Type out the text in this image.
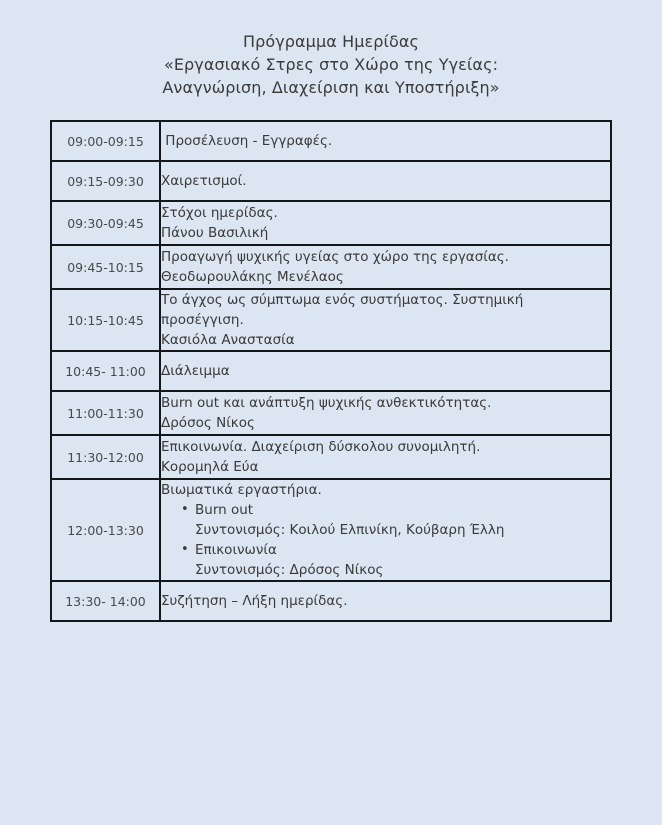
Πρόγραμμα Ημερίδας
«Εργασιακό Στρες στο Χώρο της Υγείας:
Αναγνώριση, Διαχείριση και Υποστήριξη»
09:00-09:15	Προσέλευση - Εγγραφές.

09:15-09:30	Χαιρετισμοί.

09:30-09:45	Στόχοι ημερίδας.
Πάνου Βασιλική

09:45-10:15	Προαγωγή ψυχικής υγείας στο χώρο της εργασίας.
Θεοδωρουλάκης Μενέλαος

10:15-10:45	Το άγχος ως σύμπτωμα ενός συστήματος. Συστημική προσέγγιση.
Κασιόλα Αναστασία

10:45- 11:00	Διάλειμμα

11:00-11:30	Burn out και ανάπτυξη ψυχικής ανθεκτικότητας.
Δρόσος Νίκος

11:30-12:00	Επικοινωνία. Διαχείριση δύσκολου συνομιλητή.
Κορομηλά Εύα

12:00-13:30	
Βιωματικά εργαστήρια.
• Burn out
Συντονισμός: Κοιλού Ελπινίκη, Κούβαρη Έλλη
• Επικοινωνία
Συντονισμός: Δρόσος Νίκος

13:30- 14:00	Συζήτηση – Λήξη ημερίδας.
